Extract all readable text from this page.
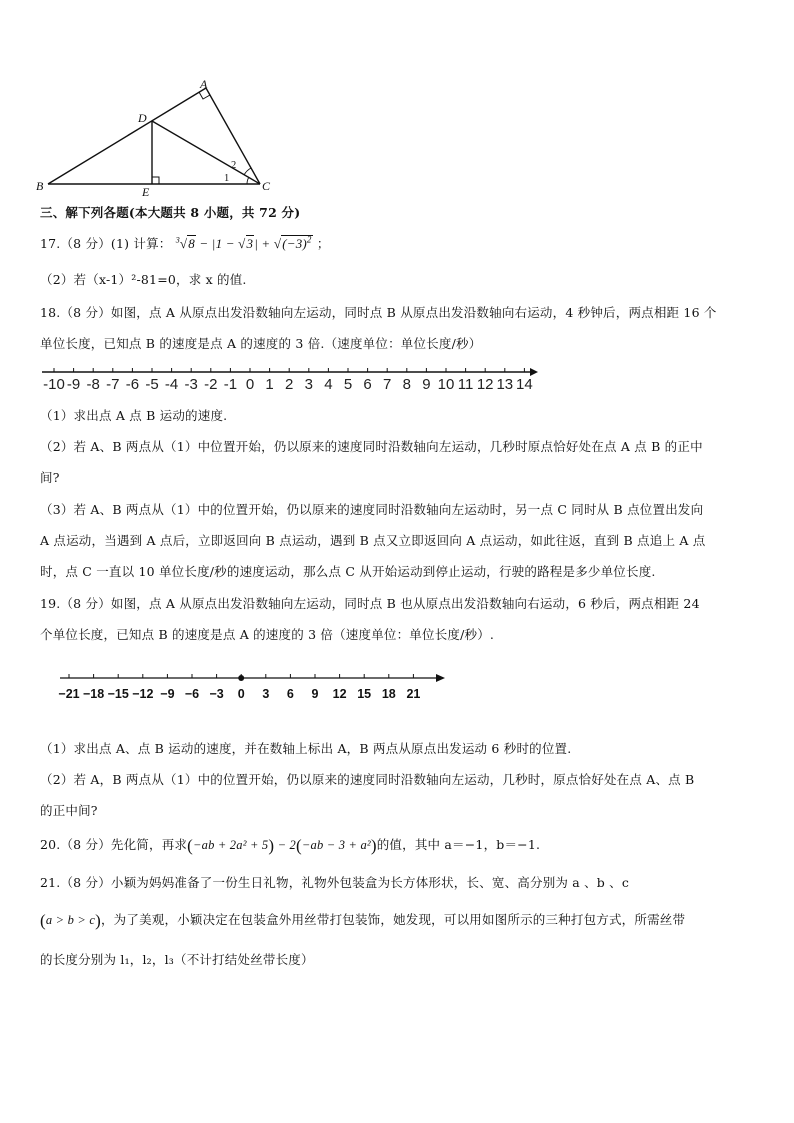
A
D
B	E	C
1
2
三、解下列各题(本大题共 8 小题，共 72 分)
17.（8 分）(1) 计算： $^3√8 - |1 - √3| + √(-3)^2$ ；
（2）若（x-1）²-81=0，求 x 的值.
18.（8 分）如图，点 A 从原点出发沿数轴向左运动，同时点 B 从原点出发沿数轴向右运动，4 秒钟后，两点相距 16 个
单位长度，已知点 B 的速度是点 A 的速度的 3 倍.（速度单位：单位长度/秒）
-10 -9 -8 -7 -6 -5 -4 -3 -2 -1 0 1 2 3 4 5 6 7 8 9 10 11 12 13 14
（1）求出点 A 点 B 运动的速度.
（2）若 A、B 两点从（1）中位置开始，仍以原来的速度同时沿数轴向左运动，几秒时原点恰好处在点 A 点 B 的正中
间?
（3）若 A、B 两点从（1）中的位置开始，仍以原来的速度同时沿数轴向左运动时，另一点 C 同时从 B 点位置出发向
A 点运动，当遇到 A 点后，立即返回向 B 点运动，遇到 B 点又立即返回向 A 点运动，如此往返，直到 B 点追上 A 点
时，点 C 一直以 10 单位长度/秒的速度运动，那么点 C 从开始运动到停止运动，行驶的路程是多少单位长度.
19.（8 分）如图，点 A 从原点出发沿数轴向左运动，同时点 B 也从原点出发沿数轴向右运动，6 秒后，两点相距 24
个单位长度，已知点 B 的速度是点 A 的速度的 3 倍（速度单位：单位长度/秒）.
−21 −18 −15 −12 −9 −6 −3 0 3 6 9 12 15 18 21
（1）求出点 A、点 B 运动的速度，并在数轴上标出 A，B 两点从原点出发运动 6 秒时的位置.
（2）若 A，B 两点从（1）中的位置开始，仍以原来的速度同时沿数轴向左运动，几秒时，原点恰好处在点 A、点 B
的正中间?
20.（8 分）先化简，再求(−ab + 2a² + 5) − 2(−ab − 3 + a²)的值，其中 a＝−1，b＝−1.
21.（8 分）小颖为妈妈准备了一份生日礼物，礼物外包装盒为长方体形状，长、宽、高分别为 a 、b 、c
(a > b > c)，为了美观，小颖决定在包装盒外用丝带打包装饰，她发现，可以用如图所示的三种打包方式，所需丝带
的长度分别为 l₁，l₂，l₃（不计打结处丝带长度）
